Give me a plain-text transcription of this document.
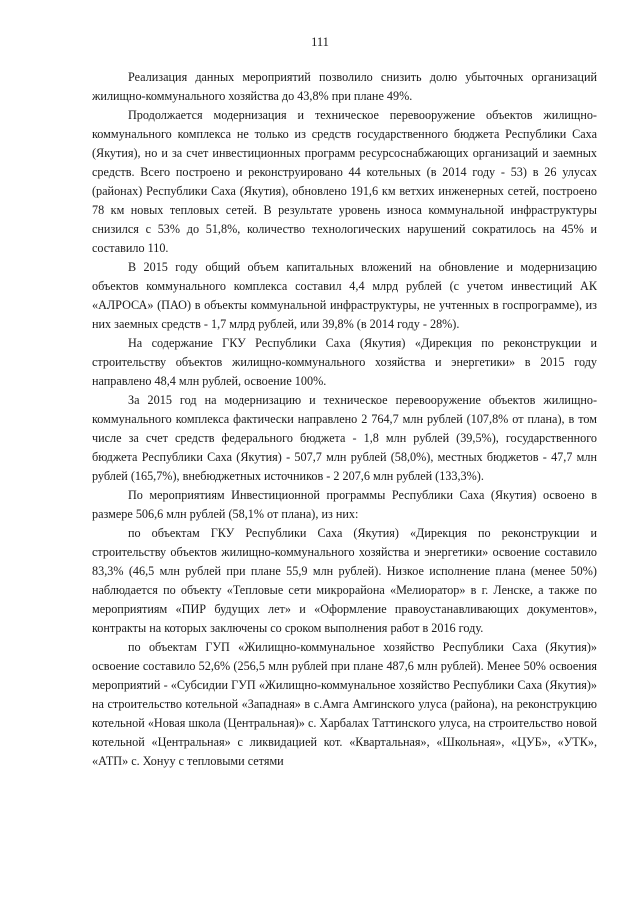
111

Реализация данных мероприятий позволило снизить долю убыточных организаций жилищно-коммунального хозяйства до 43,8% при плане 49%.

Продолжается модернизация и техническое перевооружение объектов жилищно-коммунального комплекса не только из средств государственного бюджета Республики Саха (Якутия), но и за счет инвестиционных программ ресурсоснабжающих организаций и заемных средств. Всего построено и реконструировано 44 котельных (в 2014 году - 53) в 26 улусах (районах) Республики Саха (Якутия), обновлено 191,6 км ветхих инженерных сетей, построено 78 км новых тепловых сетей. В результате уровень износа коммунальной инфраструктуры снизился с 53% до 51,8%, количество технологических нарушений сократилось на 45% и составило 110.

В 2015 году общий объем капитальных вложений на обновление и модернизацию объектов коммунального комплекса составил 4,4 млрд рублей (с учетом инвестиций АК «АЛРОСА» (ПАО) в объекты коммунальной инфраструктуры, не учтенных в госпрограмме), из них заемных средств - 1,7 млрд рублей, или 39,8% (в 2014 году - 28%).

На содержание ГКУ Республики Саха (Якутия) «Дирекция по реконструкции и строительству объектов жилищно-коммунального хозяйства и энергетики» в 2015 году направлено 48,4 млн рублей, освоение 100%.

За 2015 год на модернизацию и техническое перевооружение объектов жилищно-коммунального комплекса фактически направлено 2 764,7 млн рублей (107,8% от плана), в том числе за счет средств федерального бюджета - 1,8 млн рублей (39,5%), государственного бюджета Республики Саха (Якутия) - 507,7 млн рублей (58,0%), местных бюджетов - 47,7 млн рублей (165,7%), внебюджетных источников - 2 207,6 млн рублей (133,3%).

По мероприятиям Инвестиционной программы Республики Саха (Якутия) освоено в размере 506,6 млн рублей (58,1% от плана), из них:

по объектам ГКУ Республики Саха (Якутия) «Дирекция по реконструкции и строительству объектов жилищно-коммунального хозяйства и энергетики» освоение составило 83,3% (46,5 млн рублей при плане 55,9 млн рублей). Низкое исполнение плана (менее 50%) наблюдается по объекту «Тепловые сети микрорайона «Мелиоратор» в г. Ленске, а также по мероприятиям «ПИР будущих лет» и «Оформление правоустанавливающих документов», контракты на которых заключены со сроком выполнения работ в 2016 году.

по объектам ГУП «Жилищно-коммунальное хозяйство Республики Саха (Якутия)» освоение составило 52,6% (256,5 млн рублей при плане 487,6 млн рублей). Менее 50% освоения мероприятий - «Субсидии ГУП «Жилищно-коммунальное хозяйство Республики Саха (Якутия)» на строительство котельной «Западная» в с.Амга Амгинского улуса (района), на реконструкцию котельной «Новая школа (Центральная)» с. Харбалах Таттинского улуса, на строительство новой котельной «Центральная» с ликвидацией кот. «Квартальная», «Школьная», «ЦУБ», «УТК», «АТП» с. Хонуу с тепловыми сетями
